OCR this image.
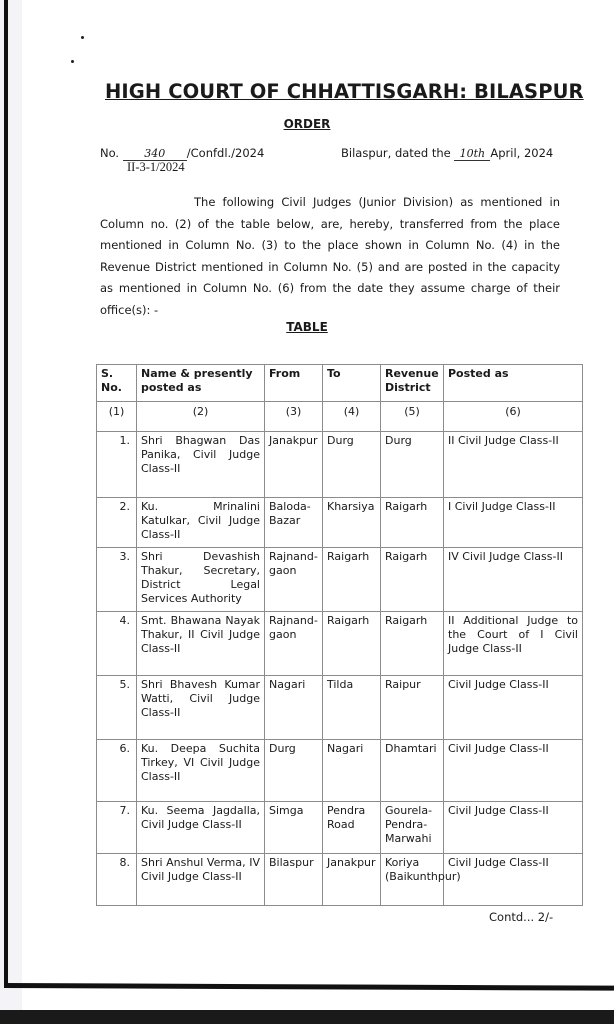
HIGH COURT OF CHHATTISGARH: BILASPUR
ORDER
No. 340 /Confdl./2024
II-3-1/2024
Bilaspur, dated the 10th April, 2024
The following Civil Judges (Junior Division) as mentioned in Column no. (2) of the table below, are, hereby, transferred from the place mentioned in Column No. (3) to the place shown in Column No. (4) in the Revenue District mentioned in Column No. (5) and are posted in the capacity as mentioned in Column No. (6) from the date they assume charge of their office(s): -
TABLE
S. No.	Name & presently posted as	From	To	Revenue District	Posted as
(1)	(2)	(3)	(4)	(5)	(6)
1.	Shri Bhagwan Das Panika, Civil Judge Class-II	Janakpur	Durg	Durg	II Civil Judge Class-II
2.	Ku. Mrinalini Katulkar, Civil Judge Class-II	Baloda-Bazar	Kharsiya	Raigarh	I Civil Judge Class-II
3.	Shri Devashish Thakur, Secretary, District Legal Services Authority	Rajnand-gaon	Raigarh	Raigarh	IV Civil Judge Class-II
4.	Smt. Bhawana Nayak Thakur, II Civil Judge Class-II	Rajnand-gaon	Raigarh	Raigarh	II Additional Judge to the Court of I Civil Judge Class-II
5.	Shri Bhavesh Kumar Watti, Civil Judge Class-II	Nagari	Tilda	Raipur	Civil Judge Class-II
6.	Ku. Deepa Suchita Tirkey, VI Civil Judge Class-II	Durg	Nagari	Dhamtari	Civil Judge Class-II
7.	Ku. Seema Jagdalla, Civil Judge Class-II	Simga	Pendra Road	Gourela-Pendra-Marwahi	Civil Judge Class-II
8.	Shri Anshul Verma, IV Civil Judge Class-II	Bilaspur	Janakpur	Koriya (Baikunthpur)	Civil Judge Class-II
Contd... 2/-
